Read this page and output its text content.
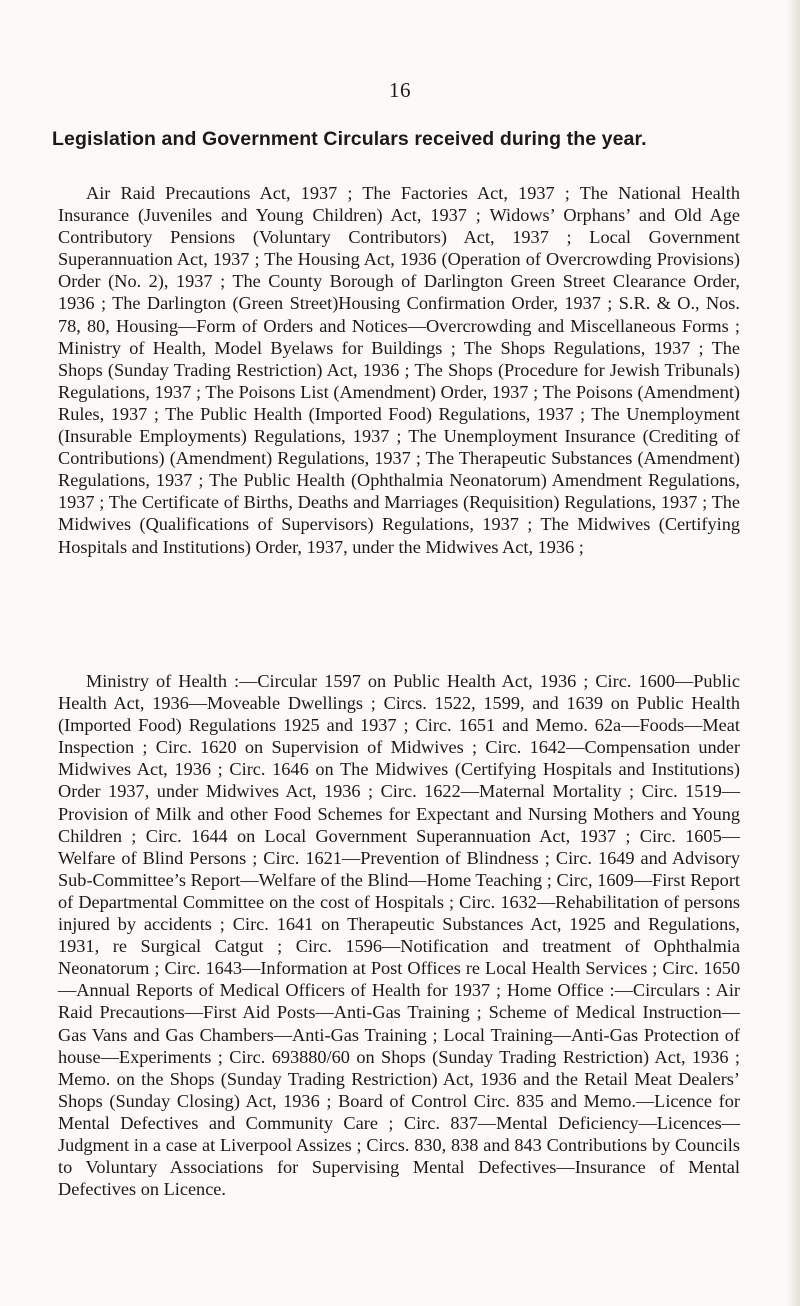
16
Legislation and Government Circulars received during the year.

Air Raid Precautions Act, 1937 ; The Factories Act, 1937 ; The National Health Insurance (Juveniles and Young Children) Act, 1937 ; Widows’ Orphans’ and Old Age Contributory Pensions (Voluntary Contributors) Act, 1937 ; Local Government Superannuation Act, 1937 ; The Housing Act, 1936 (Operation of Overcrowding Provisions) Order (No. 2), 1937 ; The County Borough of Darlington Green Street Clearance Order, 1936 ; The Darlington (Green Street)Housing Confirmation Order, 1937 ; S.R. & O., Nos. 78, 80, Housing—Form of Orders and Notices—Overcrowding and Miscellaneous Forms ; Ministry of Health, Model Byelaws for Buildings ; The Shops Regulations, 1937 ; The Shops (Sunday Trading Restriction) Act, 1936 ; The Shops (Procedure for Jewish Tribunals) Regulations, 1937 ; The Poisons List (Amendment) Order, 1937 ; The Poisons (Amendment) Rules, 1937 ; The Public Health (Imported Food) Regulations, 1937 ; The Unemployment (Insurable Employments) Regulations, 1937 ; The Unemployment Insurance (Crediting of Contributions) (Amendment) Regulations, 1937 ; The Therapeutic Substances (Amendment) Regulations, 1937 ; The Public Health (Ophthalmia Neonatorum) Amendment Regulations, 1937 ; The Certificate of Births, Deaths and Marriages (Requisition) Regulations, 1937 ; The Midwives (Qualifications of Supervisors) Regulations, 1937 ; The Midwives (Certifying Hospitals and Institutions) Order, 1937, under the Midwives Act, 1936 ;

Ministry of Health :—Circular 1597 on Public Health Act, 1936 ; Circ. 1600—Public Health Act, 1936—Moveable Dwellings ; Circs. 1522, 1599, and 1639 on Public Health (Imported Food) Regulations 1925 and 1937 ; Circ. 1651 and Memo. 62a—Foods—Meat Inspection ; Circ. 1620 on Supervision of Midwives ; Circ. 1642—Compensation under Midwives Act, 1936 ; Circ. 1646 on The Midwives (Certifying Hospitals and Institutions) Order 1937, under Midwives Act, 1936 ; Circ. 1622—Maternal Mortality ; Circ. 1519—Provision of Milk and other Food Schemes for Expectant and Nursing Mothers and Young Children ; Circ. 1644 on Local Government Superannuation Act, 1937 ; Circ. 1605—Welfare of Blind Persons ; Circ. 1621—Prevention of Blindness ; Circ. 1649 and Advisory Sub-Committee’s Report—Welfare of the Blind—Home Teaching ; Circ, 1609—First Report of Departmental Committee on the cost of Hospitals ; Circ. 1632—Rehabilitation of persons injured by accidents ; Circ. 1641 on Therapeutic Substances Act, 1925 and Regulations, 1931, re Surgical Catgut ; Circ. 1596—Notification and treatment of Ophthalmia Neonatorum ; Circ. 1643—Information at Post Offices re Local Health Services ; Circ. 1650—Annual Reports of Medical Officers of Health for 1937 ; Home Office :—Circulars : Air Raid Precautions—First Aid Posts—Anti-Gas Training ; Scheme of Medical Instruction—Gas Vans and Gas Chambers—Anti-Gas Training ; Local Training—Anti-Gas Protection of house—Experiments ; Circ. 693880/60 on Shops (Sunday Trading Restriction) Act, 1936 ; Memo. on the Shops (Sunday Trading Restriction) Act, 1936 and the Retail Meat Dealers’ Shops (Sunday Closing) Act, 1936 ; Board of Control Circ. 835 and Memo.—Licence for Mental Defectives and Community Care ; Circ. 837—Mental Deficiency—Licences—Judgment in a case at Liverpool Assizes ; Circs. 830, 838 and 843 Contributions by Councils to Voluntary Associations for Supervising Mental Defectives—Insurance of Mental Defectives on Licence.
